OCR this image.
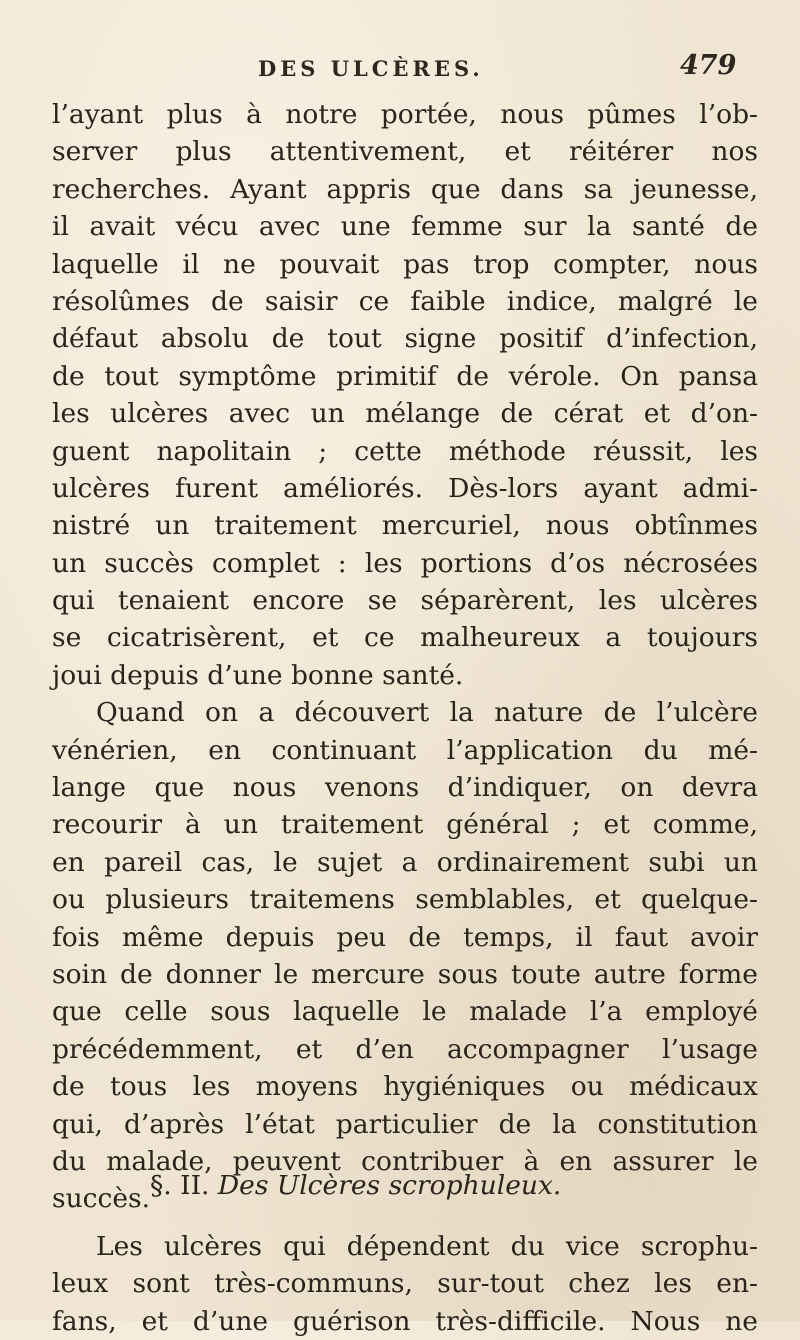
DES ULCÈRES.	479
l’ayant plus à notre portée, nous pûmes l’ob-
server plus attentivement, et réitérer nos
recherches. Ayant appris que dans sa jeunesse,
il avait vécu avec une femme sur la santé de
laquelle il ne pouvait pas trop compter, nous
résolûmes de saisir ce faible indice, malgré le
défaut absolu de tout signe positif d’infection,
de tout symptôme primitif de vérole. On pansa
les ulcères avec un mélange de cérat et d’on-
guent napolitain ; cette méthode réussit, les
ulcères furent améliorés. Dès-lors ayant admi-
nistré un traitement mercuriel, nous obtînmes
un succès complet : les portions d’os nécrosées
qui tenaient encore se séparèrent, les ulcères
se cicatrisèrent, et ce malheureux a toujours
joui depuis d’une bonne santé.
Quand on a découvert la nature de l’ulcère
vénérien, en continuant l’application du mé-
lange que nous venons d’indiquer, on devra
recourir à un traitement général ; et comme,
en pareil cas, le sujet a ordinairement subi un
ou plusieurs traitemens semblables, et quelque-
fois même depuis peu de temps, il faut avoir
soin de donner le mercure sous toute autre forme
que celle sous laquelle le malade l’a employé
précédemment, et d’en accompagner l’usage
de tous les moyens hygiéniques ou médicaux
qui, d’après l’état particulier de la constitution
du malade, peuvent contribuer à en assurer le
succès. §. II. Des Ulcères scrophuleux.
Les ulcères qui dépendent du vice scrophu-
leux sont très-communs, sur-tout chez les en-
fans, et d’une guérison très-difficile. Nous ne
